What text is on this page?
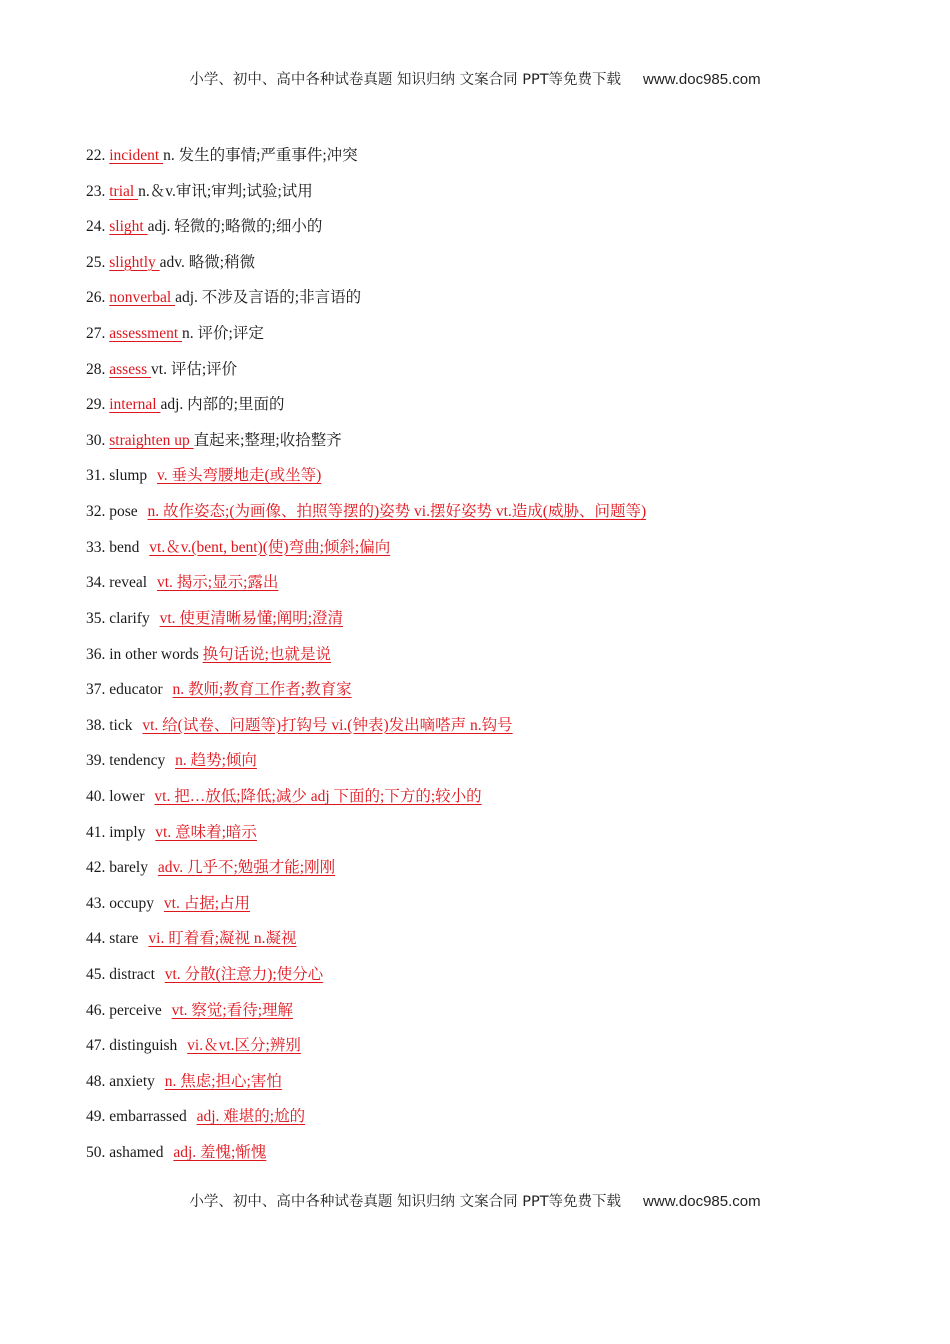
小学、初中、高中各种试卷真题 知识归纳 文案合同 PPT等免费下载 www.doc985.com
22. incident n. 发生的事情;严重事件;冲突
23. trial n.＆v.审讯;审判;试验;试用
24. slight adj. 轻微的;略微的;细小的
25. slightly adv. 略微;稍微
26. nonverbal adj. 不涉及言语的;非言语的
27. assessment n. 评价;评定
28. assess vt. 评估;评价
29. internal adj. 内部的;里面的
30. straighten up 直起来;整理;收拾整齐
31. slump v. 垂头弯腰地走(或坐等)
32. pose n. 故作姿态;(为画像、拍照等摆的)姿势 vi.摆好姿势 vt.造成(威胁、问题等)
33. bend vt.＆v.(bent, bent)(使)弯曲;倾斜;偏向
34. reveal vt. 揭示;显示;露出
35. clarify vt. 使更清晰易懂;阐明;澄清
36. in other words 换句话说;也就是说
37. educator n. 教师;教育工作者;教育家
38. tick vt. 给(试卷、问题等)打钩号 vi.(钟表)发出嘀嗒声 n.钩号
39. tendency n. 趋势;倾向
40. lower vt. 把…放低;降低;减少 adj 下面的;下方的;较小的
41. imply vt. 意味着;暗示
42. barely adv. 几乎不;勉强才能;刚刚
43. occupy vt. 占据;占用
44. stare vi. 盯着看;凝视 n.凝视
45. distract vt. 分散(注意力);使分心
46. perceive vt. 察觉;看待;理解
47. distinguish vi.＆vt.区分;辨别
48. anxiety n. 焦虑;担心;害怕
49. embarrassed adj. 难堪的;尬的
50. ashamed adj. 羞愧;惭愧
小学、初中、高中各种试卷真题 知识归纳 文案合同 PPT等免费下载 www.doc985.com
